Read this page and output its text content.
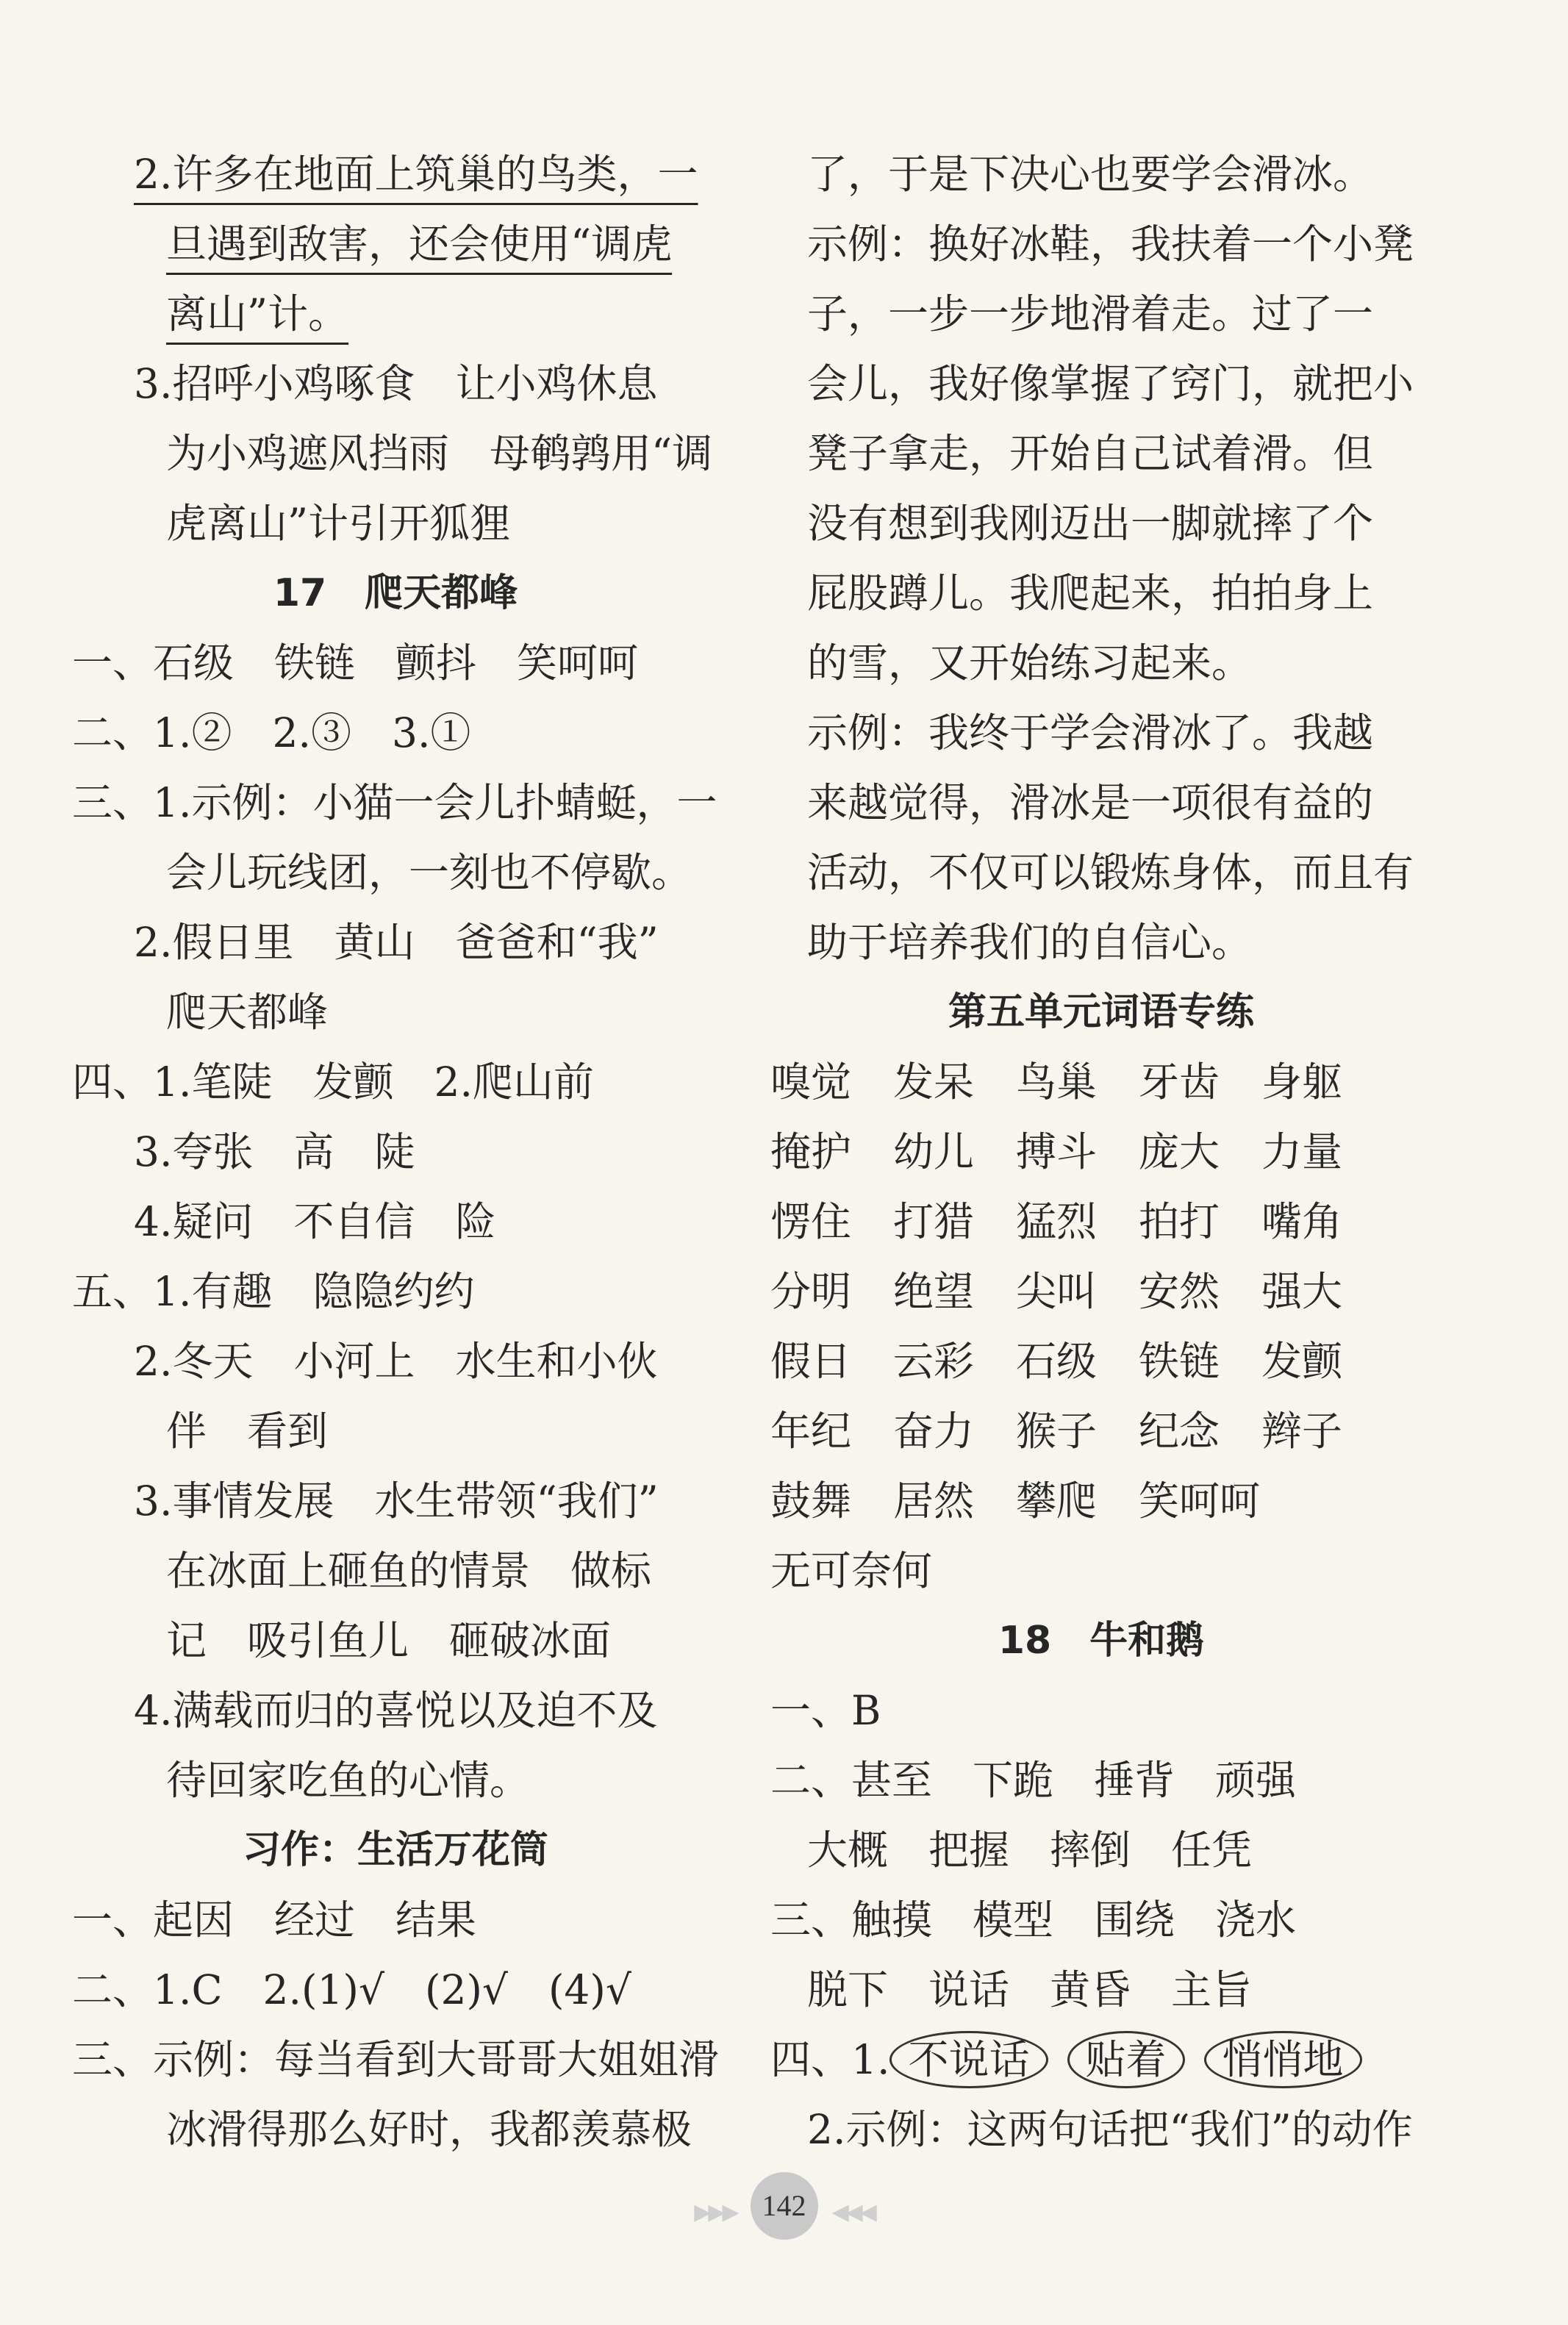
2.许多在地面上筑巢的鸟类，一
旦遇到敌害，还会使用“调虎
离山”计。
3.招呼小鸡啄食　让小鸡休息
为小鸡遮风挡雨　母鹌鹑用“调
虎离山”计引开狐狸
17　爬天都峰
一、石级　铁链　颤抖　笑呵呵
二、1.②　2.③　3.①
三、1.示例：小猫一会儿扑蜻蜓，一
会儿玩线团，一刻也不停歇。
2.假日里　黄山　爸爸和“我”
爬天都峰
四、1.笔陡　发颤　2.爬山前
3.夸张　高　陡
4.疑问　不自信　险
五、1.有趣　隐隐约约
2.冬天　小河上　水生和小伙
伴　看到
3.事情发展　水生带领“我们”
在冰面上砸鱼的情景　做标
记　吸引鱼儿　砸破冰面
4.满载而归的喜悦以及迫不及
待回家吃鱼的心情。
习作：生活万花筒
一、起因　经过　结果
二、1.C　2.(1)√　(2)√　(4)√
三、示例：每当看到大哥哥大姐姐滑
冰滑得那么好时，我都羡慕极
了，于是下决心也要学会滑冰。
示例：换好冰鞋，我扶着一个小凳
子，一步一步地滑着走。过了一
会儿，我好像掌握了窍门，就把小
凳子拿走，开始自己试着滑。但
没有想到我刚迈出一脚就摔了个
屁股蹲儿。我爬起来，拍拍身上
的雪，又开始练习起来。
示例：我终于学会滑冰了。我越
来越觉得，滑冰是一项很有益的
活动，不仅可以锻炼身体，而且有
助于培养我们的自信心。
第五单元词语专练
嗅觉	发呆	鸟巢	牙齿	身躯
掩护	幼儿	搏斗	庞大	力量
愣住	打猎	猛烈	拍打	嘴角
分明	绝望	尖叫	安然	强大
假日	云彩	石级	铁链	发颤
年纪	奋力	猴子	纪念	辫子
鼓舞	居然	攀爬	笑呵呵
无可奈何
18　牛和鹅
一、B
二、甚至　下跪　捶背　顽强
大概　把握　摔倒　任凭
三、触摸　模型　围绕　浇水
脱下　说话　黄昏　主旨
四、1. 不说话 贴着 悄悄地
2.示例：这两句话把“我们”的动作
▶▶▶ 142 ◀◀◀
